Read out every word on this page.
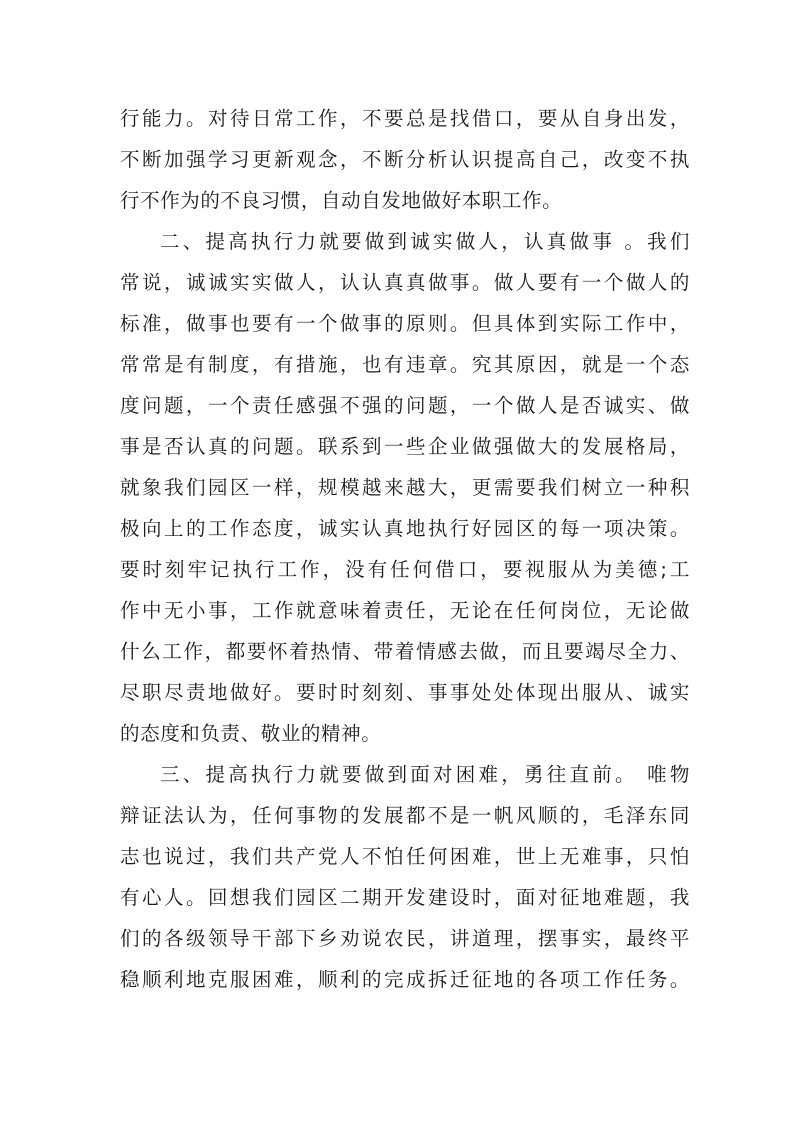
行能力。对待日常工作，不要总是找借口，要从自身出发，
不断加强学习更新观念，不断分析认识提高自己，改变不执
行不作为的不良习惯，自动自发地做好本职工作。
二、提高执行力就要做到诚实做人，认真做事 。我们
常说，诚诚实实做人，认认真真做事。做人要有一个做人的
标准，做事也要有一个做事的原则。但具体到实际工作中，
常常是有制度，有措施，也有违章。究其原因，就是一个态
度问题，一个责任感强不强的问题，一个做人是否诚实、做
事是否认真的问题。联系到一些企业做强做大的发展格局，
就象我们园区一样，规模越来越大，更需要我们树立一种积
极向上的工作态度，诚实认真地执行好园区的每一项决策。
要时刻牢记执行工作，没有任何借口，要视服从为美德;工
作中无小事，工作就意味着责任，无论在任何岗位，无论做
什么工作，都要怀着热情、带着情感去做，而且要竭尽全力、
尽职尽责地做好。要时时刻刻、事事处处体现出服从、诚实
的态度和负责、敬业的精神。
三、提高执行力就要做到面对困难，勇往直前。 唯物
辩证法认为，任何事物的发展都不是一帆风顺的，毛泽东同
志也说过，我们共产党人不怕任何困难，世上无难事，只怕
有心人。回想我们园区二期开发建设时，面对征地难题，我
们的各级领导干部下乡劝说农民，讲道理，摆事实，最终平
稳顺利地克服困难，顺利的完成拆迁征地的各项工作任务。
